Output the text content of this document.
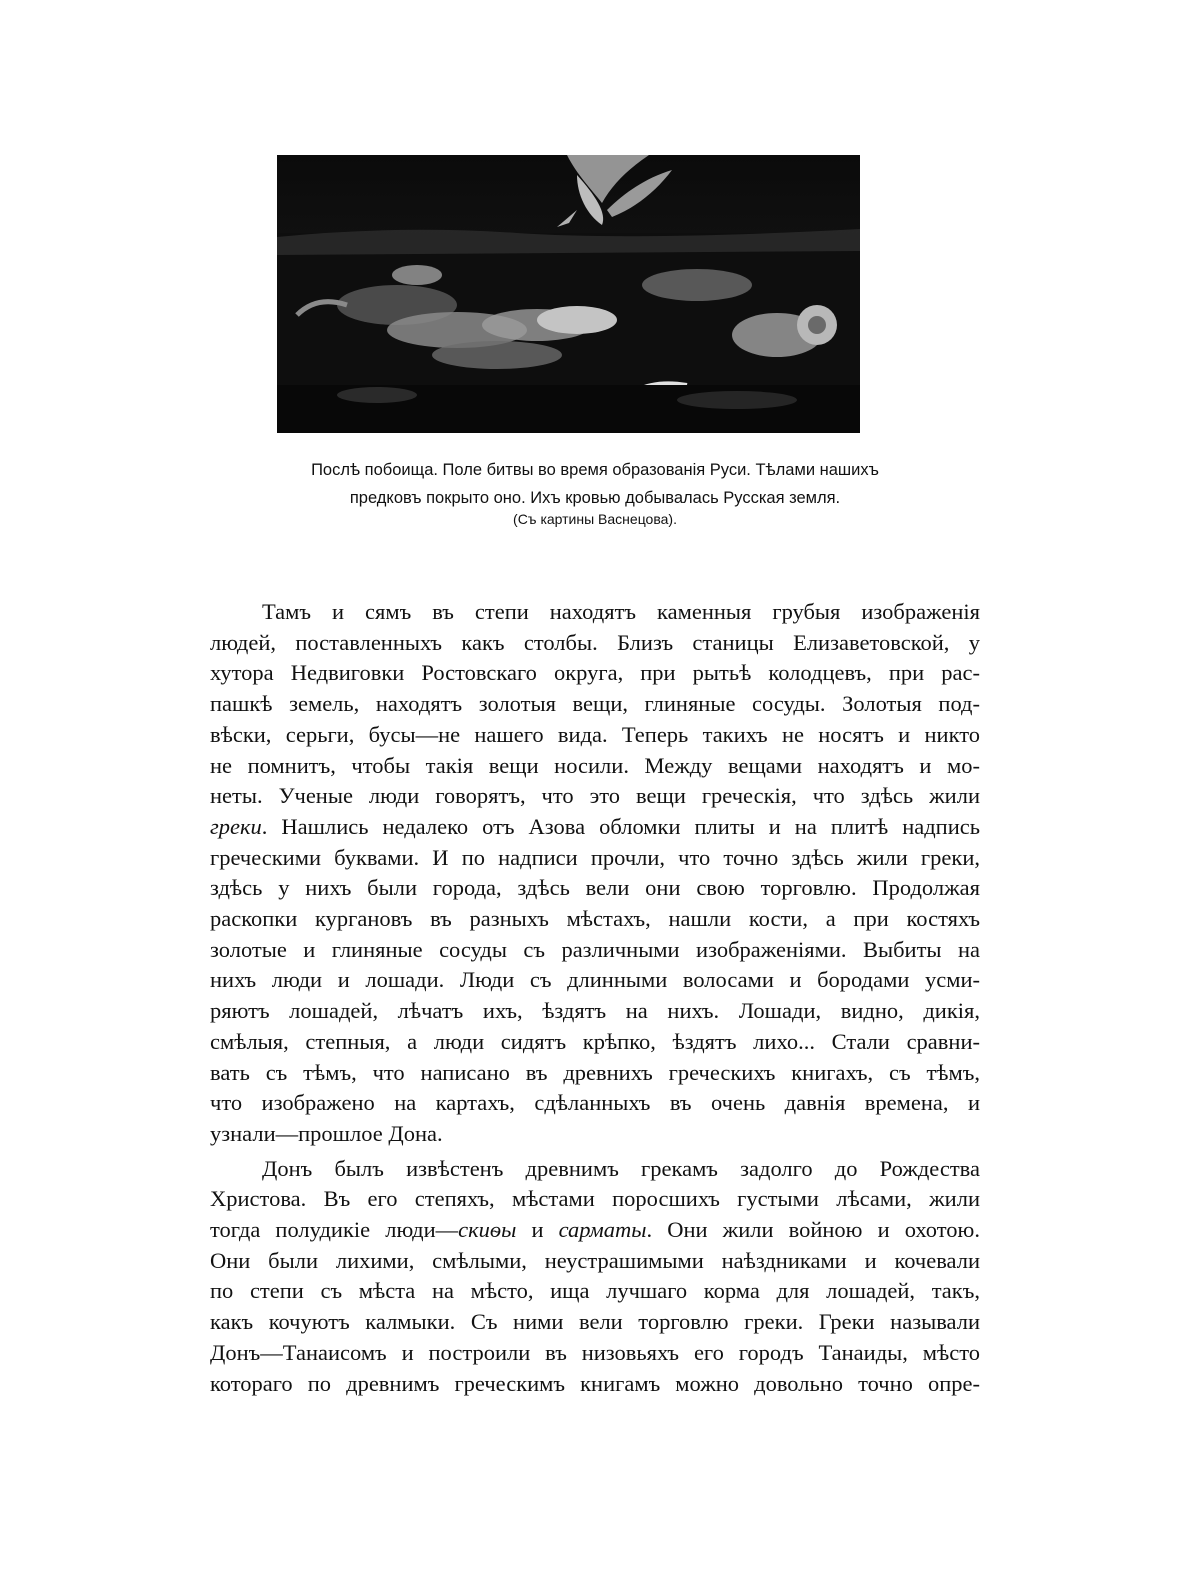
Послѣ побоища. Поле битвы во время образованія Руси. Тѣлами нашихъ
предковъ покрыто оно. Ихъ кровью добывалась Русская земля.
(Съ картины Васнецова).

Тамъ и сямъ въ степи находятъ каменныя грубыя изображенія
людей, поставленныхъ какъ столбы. Близъ станицы Елизаветовской, у
хутора Недвиговки Ростовскаго округа, при рытьѣ колодцевъ, при рас-
пашкѣ земель, находятъ золотыя вещи, глиняные сосуды. Золотыя под-
вѣски, серьги, бусы—не нашего вида. Теперь такихъ не носятъ и никто
не помнитъ, чтобы такія вещи носили. Между вещами находятъ и мо-
неты. Ученые люди говорятъ, что это вещи греческія, что здѣсь жили
греки. Нашлись недалеко отъ Азова обломки плиты и на плитѣ надпись
греческими буквами. И по надписи прочли, что точно здѣсь жили греки,
здѣсь у нихъ были города, здѣсь вели они свою торговлю. Продолжая
раскопки кургановъ въ разныхъ мѣстахъ, нашли кости, а при костяхъ
золотые и глиняные сосуды съ различными изображеніями. Выбиты на
нихъ люди и лошади. Люди съ длинными волосами и бородами усми-
ряютъ лошадей, лѣчатъ ихъ, ѣздятъ на нихъ. Лошади, видно, дикія,
смѣлыя, степныя, а люди сидятъ крѣпко, ѣздятъ лихо... Стали сравни-
вать съ тѣмъ, что написано въ древнихъ греческихъ книгахъ, съ тѣмъ,
что изображено на картахъ, сдѣланныхъ въ очень давнія времена, и
узнали—прошлое Дона.

Донъ былъ извѣстенъ древнимъ грекамъ задолго до Рождества
Христова. Въ его степяхъ, мѣстами поросшихъ густыми лѣсами, жили
тогда полудикіе люди—скиѳы и сарматы. Они жили войною и охотою.
Они были лихими, смѣлыми, неустрашимыми наѣздниками и кочевали
по степи съ мѣста на мѣсто, ища лучшаго корма для лошадей, такъ,
какъ кочуютъ калмыки. Съ ними вели торговлю греки. Греки называли
Донъ—Танаисомъ и построили въ низовьяхъ его городъ Танаиды, мѣсто
котораго по древнимъ греческимъ книгамъ можно довольно точно опре-
